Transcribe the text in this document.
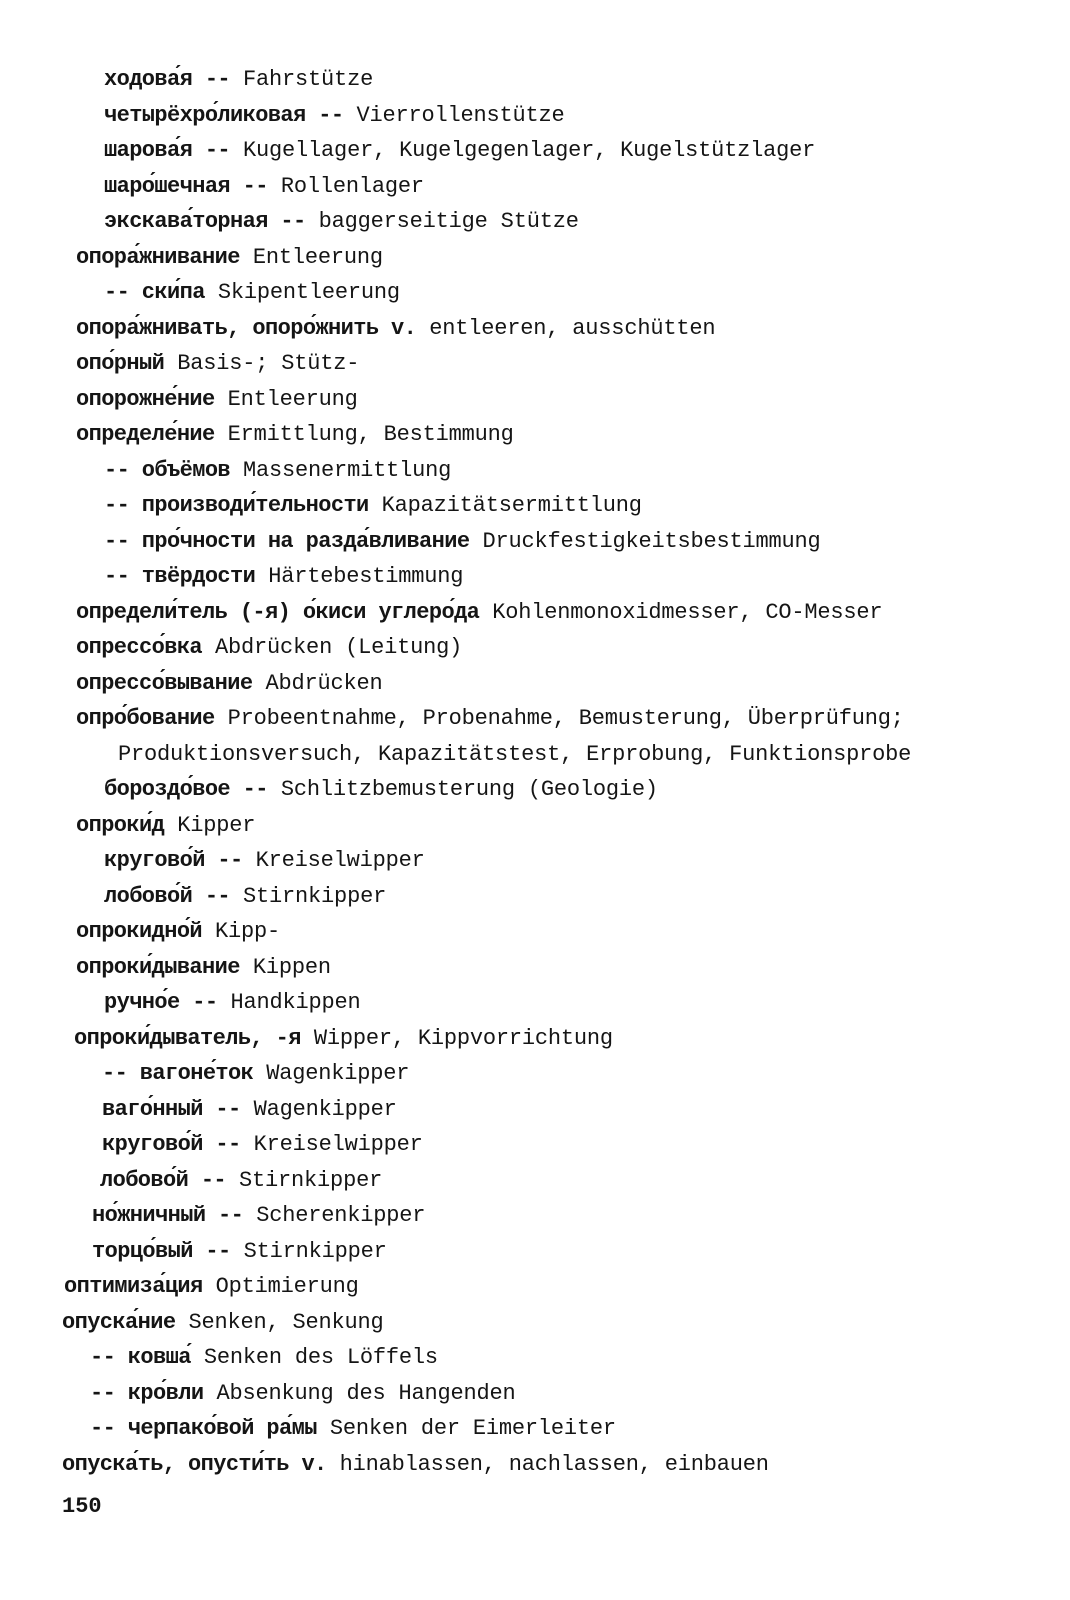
ходова́я -- Fahrstütze
четырёхро́ликовая -- Vierrollenstütze
шарова́я -- Kugellager, Kugelgegenlager, Kugelstützlager
шаро́шечная -- Rollenlager
экскава́торная -- baggerseitige Stütze
опора́жнивание Entleerung
-- ски́па Skipentleerung
опора́жнивать, опоро́жнить v. entleeren, ausschütten
опо́рный Basis-; Stütz-
опорожне́ние Entleerung
определе́ние Ermittlung, Bestimmung
-- объёмов Massenermittlung
-- производи́тельности Kapazitätsermittlung
-- про́чности на разда́вливание Druckfestigkeitsbestimmung
-- твёрдости Härtebestimmung
определи́тель (-я) о́киси углеро́да Kohlenmonoxidmesser, CO-Messer
опрессо́вка Abdrücken (Leitung)
опрессо́вывание Abdrücken
опро́бование Probeentnahme, Probenahme, Bemusterung, Überprüfung;
Produktionsversuch, Kapazitätstest, Erprobung, Funktionsprobe
бороздо́вое -- Schlitzbemusterung (Geologie)
опроки́д Kipper
кругово́й -- Kreiselwipper
лобово́й -- Stirnkipper
опрокидно́й Kipp-
опроки́дывание Kippen
ручно́е -- Handkippen
опроки́дыватель, -я Wipper, Kippvorrichtung
-- вагоне́ток Wagenkipper
ваго́нный -- Wagenkipper
кругово́й -- Kreiselwipper
лобово́й -- Stirnkipper
но́жничный -- Scherenkipper
торцо́вый -- Stirnkipper
оптимиза́ция Optimierung
опуска́ние Senken, Senkung
-- ковша́ Senken des Löffels
-- кро́вли Absenkung des Hangenden
-- черпако́вой ра́мы Senken der Eimerleiter
опуска́ть, опусти́ть v. hinablassen, nachlassen, einbauen
150
